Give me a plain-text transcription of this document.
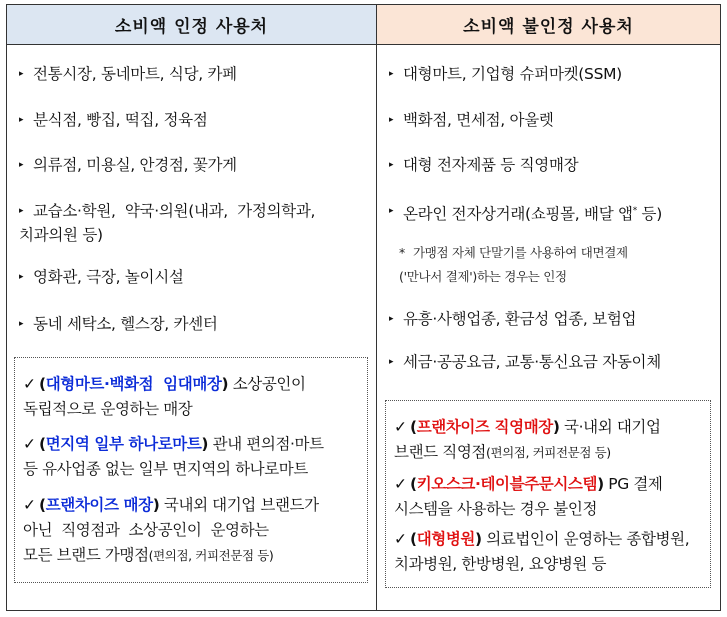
소비액 인정 사용처
▸ 전통시장, 동네마트, 식당, 카페
▸ 분식점, 빵집, 떡집, 정육점
▸ 의류점, 미용실, 안경점, 꽃가게
▸ 교습소·학원,  약국·의원(내과,  가정의학과,
치과의원 등)
▸ 영화관, 극장, 놀이시설
▸ 동네 세탁소, 헬스장, 카센터
✓ (대형마트·백화점  임대매장) 소상공인이
독립적으로 운영하는 매장
✓ (면지역 일부 하나로마트) 관내 편의점·마트
등 유사업종 없는 일부 면지역의 하나로마트
✓ (프랜차이즈 매장) 국내외 대기업 브랜드가
아닌  직영점과  소상공인이  운영하는
모든 브랜드 가맹점(편의점, 커피전문점 등)
소비액 불인정 사용처
▸ 대형마트, 기업형 슈퍼마켓(SSM)
▸ 백화점, 면세점, 아울렛
▸ 대형 전자제품 등 직영매장
▸ 온라인 전자상거래(쇼핑몰, 배달 앱* 등)
* 가맹점 자체 단말기를 사용하여 대면결제
('만나서 결제')하는 경우는 인정
▸ 유흥·사행업종, 환금성 업종, 보험업
▸ 세금·공공요금, 교통·통신요금 자동이체
✓ (프랜차이즈 직영매장) 국·내외 대기업
브랜드 직영점(편의점, 커피전문점 등)
✓ (키오스크·테이블주문시스템) PG 결제
시스템을 사용하는 경우 불인정
✓ (대형병원) 의료법인이 운영하는 종합병원,
치과병원, 한방병원, 요양병원 등
